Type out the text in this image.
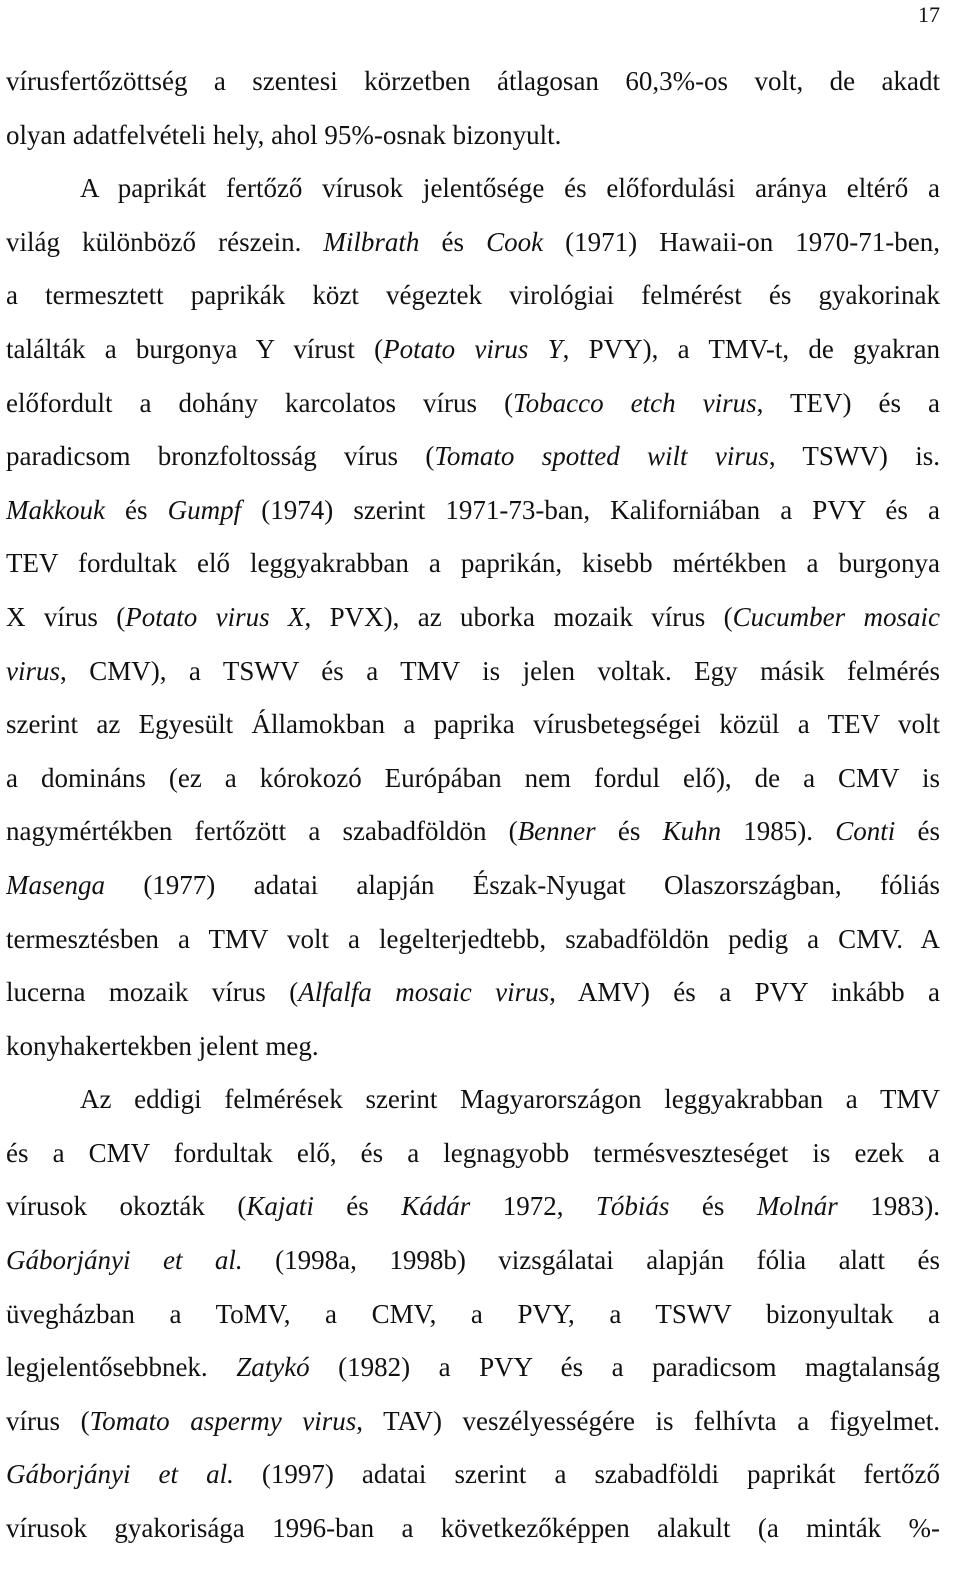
17
vírusfertőzöttség a szentesi körzetben átlagosan 60,3%-os volt, de akadt
olyan adatfelvételi hely, ahol 95%-osnak bizonyult.
A paprikát fertőző vírusok jelentősége és előfordulási aránya eltérő a
világ különböző részein. Milbrath és Cook (1971) Hawaii-on 1970-71-ben,
a termesztett paprikák közt végeztek virológiai felmérést és gyakorinak
találták a burgonya Y vírust (Potato virus Y, PVY), a TMV-t, de gyakran
előfordult a dohány karcolatos vírus (Tobacco etch virus, TEV) és a
paradicsom bronzfoltosság vírus (Tomato spotted wilt virus, TSWV) is.
Makkouk és Gumpf (1974) szerint 1971-73-ban, Kaliforniában a PVY és a
TEV fordultak elő leggyakrabban a paprikán, kisebb mértékben a burgonya
X vírus (Potato virus X, PVX), az uborka mozaik vírus (Cucumber mosaic
virus, CMV), a TSWV és a TMV is jelen voltak. Egy másik felmérés
szerint az Egyesült Államokban a paprika vírusbetegségei közül a TEV volt
a domináns (ez a kórokozó Európában nem fordul elő), de a CMV is
nagymértékben fertőzött a szabadföldön (Benner és Kuhn 1985). Conti és
Masenga (1977) adatai alapján Észak-Nyugat Olaszországban, fóliás
termesztésben a TMV volt a legelterjedtebb, szabadföldön pedig a CMV. A
lucerna mozaik vírus (Alfalfa mosaic virus, AMV) és a PVY inkább a
konyhakertekben jelent meg.
Az eddigi felmérések szerint Magyarországon leggyakrabban a TMV
és a CMV fordultak elő, és a legnagyobb termésveszteséget is ezek a
vírusok okozták (Kajati és Kádár 1972, Tóbiás és Molnár 1983).
Gáborjányi et al. (1998a, 1998b) vizsgálatai alapján fólia alatt és
üvegházban a ToMV, a CMV, a PVY, a TSWV bizonyultak a
legjelentősebbnek. Zatykó (1982) a PVY és a paradicsom magtalanság
vírus (Tomato aspermy virus, TAV) veszélyességére is felhívta a figyelmet.
Gáborjányi et al. (1997) adatai szerint a szabadföldi paprikát fertőző
vírusok gyakorisága 1996-ban a következőképpen alakult (a minták %-
